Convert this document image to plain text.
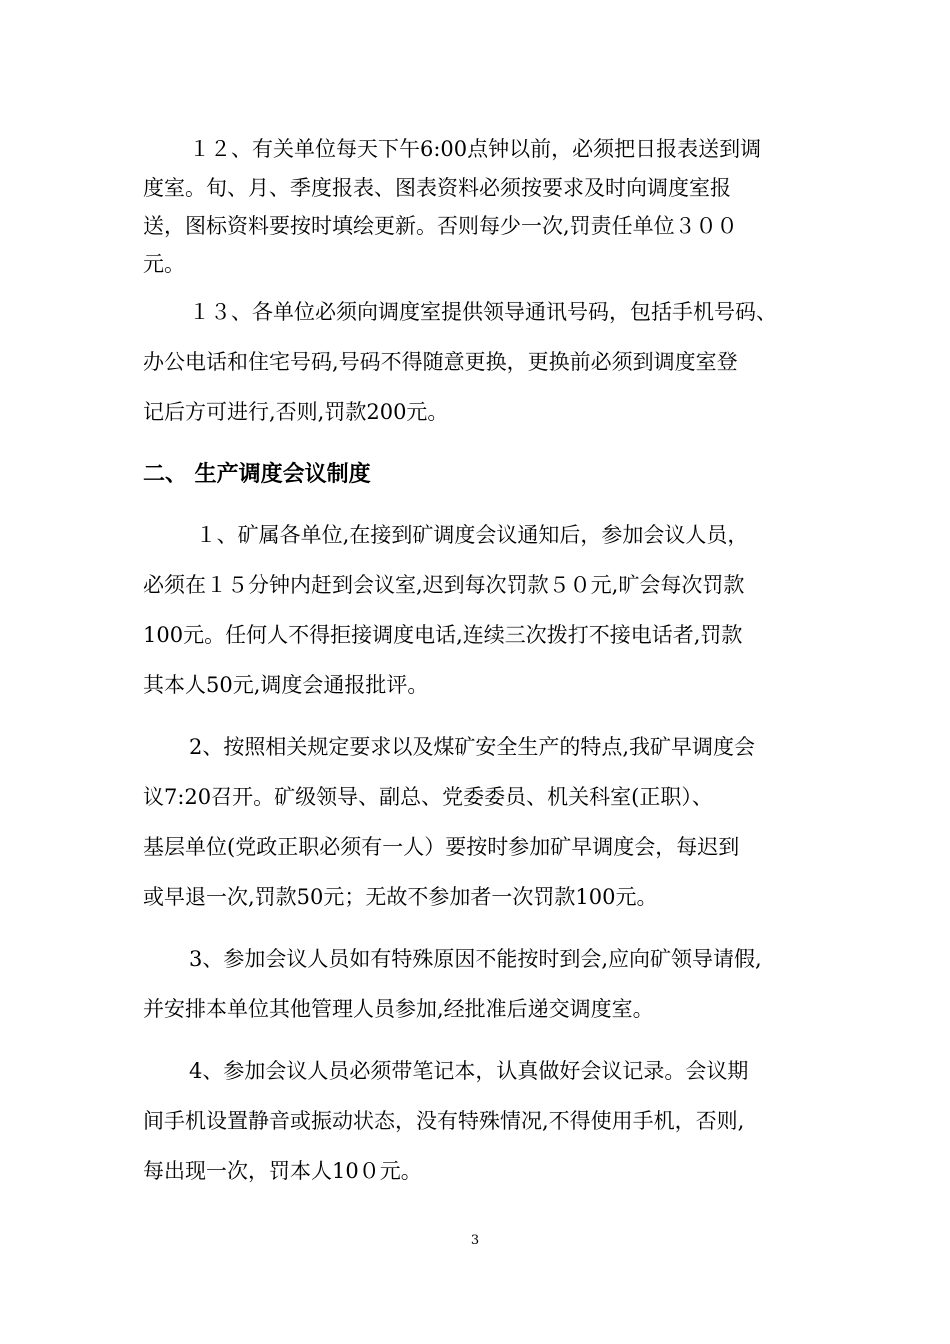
１２、有关单位每天下午6:00点钟以前，必须把日报表送到调
度室。旬、月、季度报表、图表资料必须按要求及时向调度室报
送，图标资料要按时填绘更新。否则每少一次,罚责任单位３００
元。
１３、各单位必须向调度室提供领导通讯号码，包括手机号码、
办公电话和住宅号码,号码不得随意更换，更换前必须到调度室登
记后方可进行,否则,罚款200元。
二、 生产调度会议制度
１、矿属各单位,在接到矿调度会议通知后，参加会议人员，
必须在１５分钟内赶到会议室,迟到每次罚款５０元,旷会每次罚款
100元。任何人不得拒接调度电话,连续三次拨打不接电话者,罚款
其本人50元,调度会通报批评。
2、按照相关规定要求以及煤矿安全生产的特点,我矿早调度会
议7:20召开。矿级领导、副总、党委委员、机关科室(正职）、
基层单位(党政正职必须有一人）要按时参加矿早调度会，每迟到
或早退一次,罚款50元；无故不参加者一次罚款100元。
3、参加会议人员如有特殊原因不能按时到会,应向矿领导请假,
并安排本单位其他管理人员参加,经批准后递交调度室。
4、参加会议人员必须带笔记本，认真做好会议记录。会议期
间手机设置静音或振动状态，没有特殊情况,不得使用手机，否则,
每出现一次，罚本人10０元。
3
